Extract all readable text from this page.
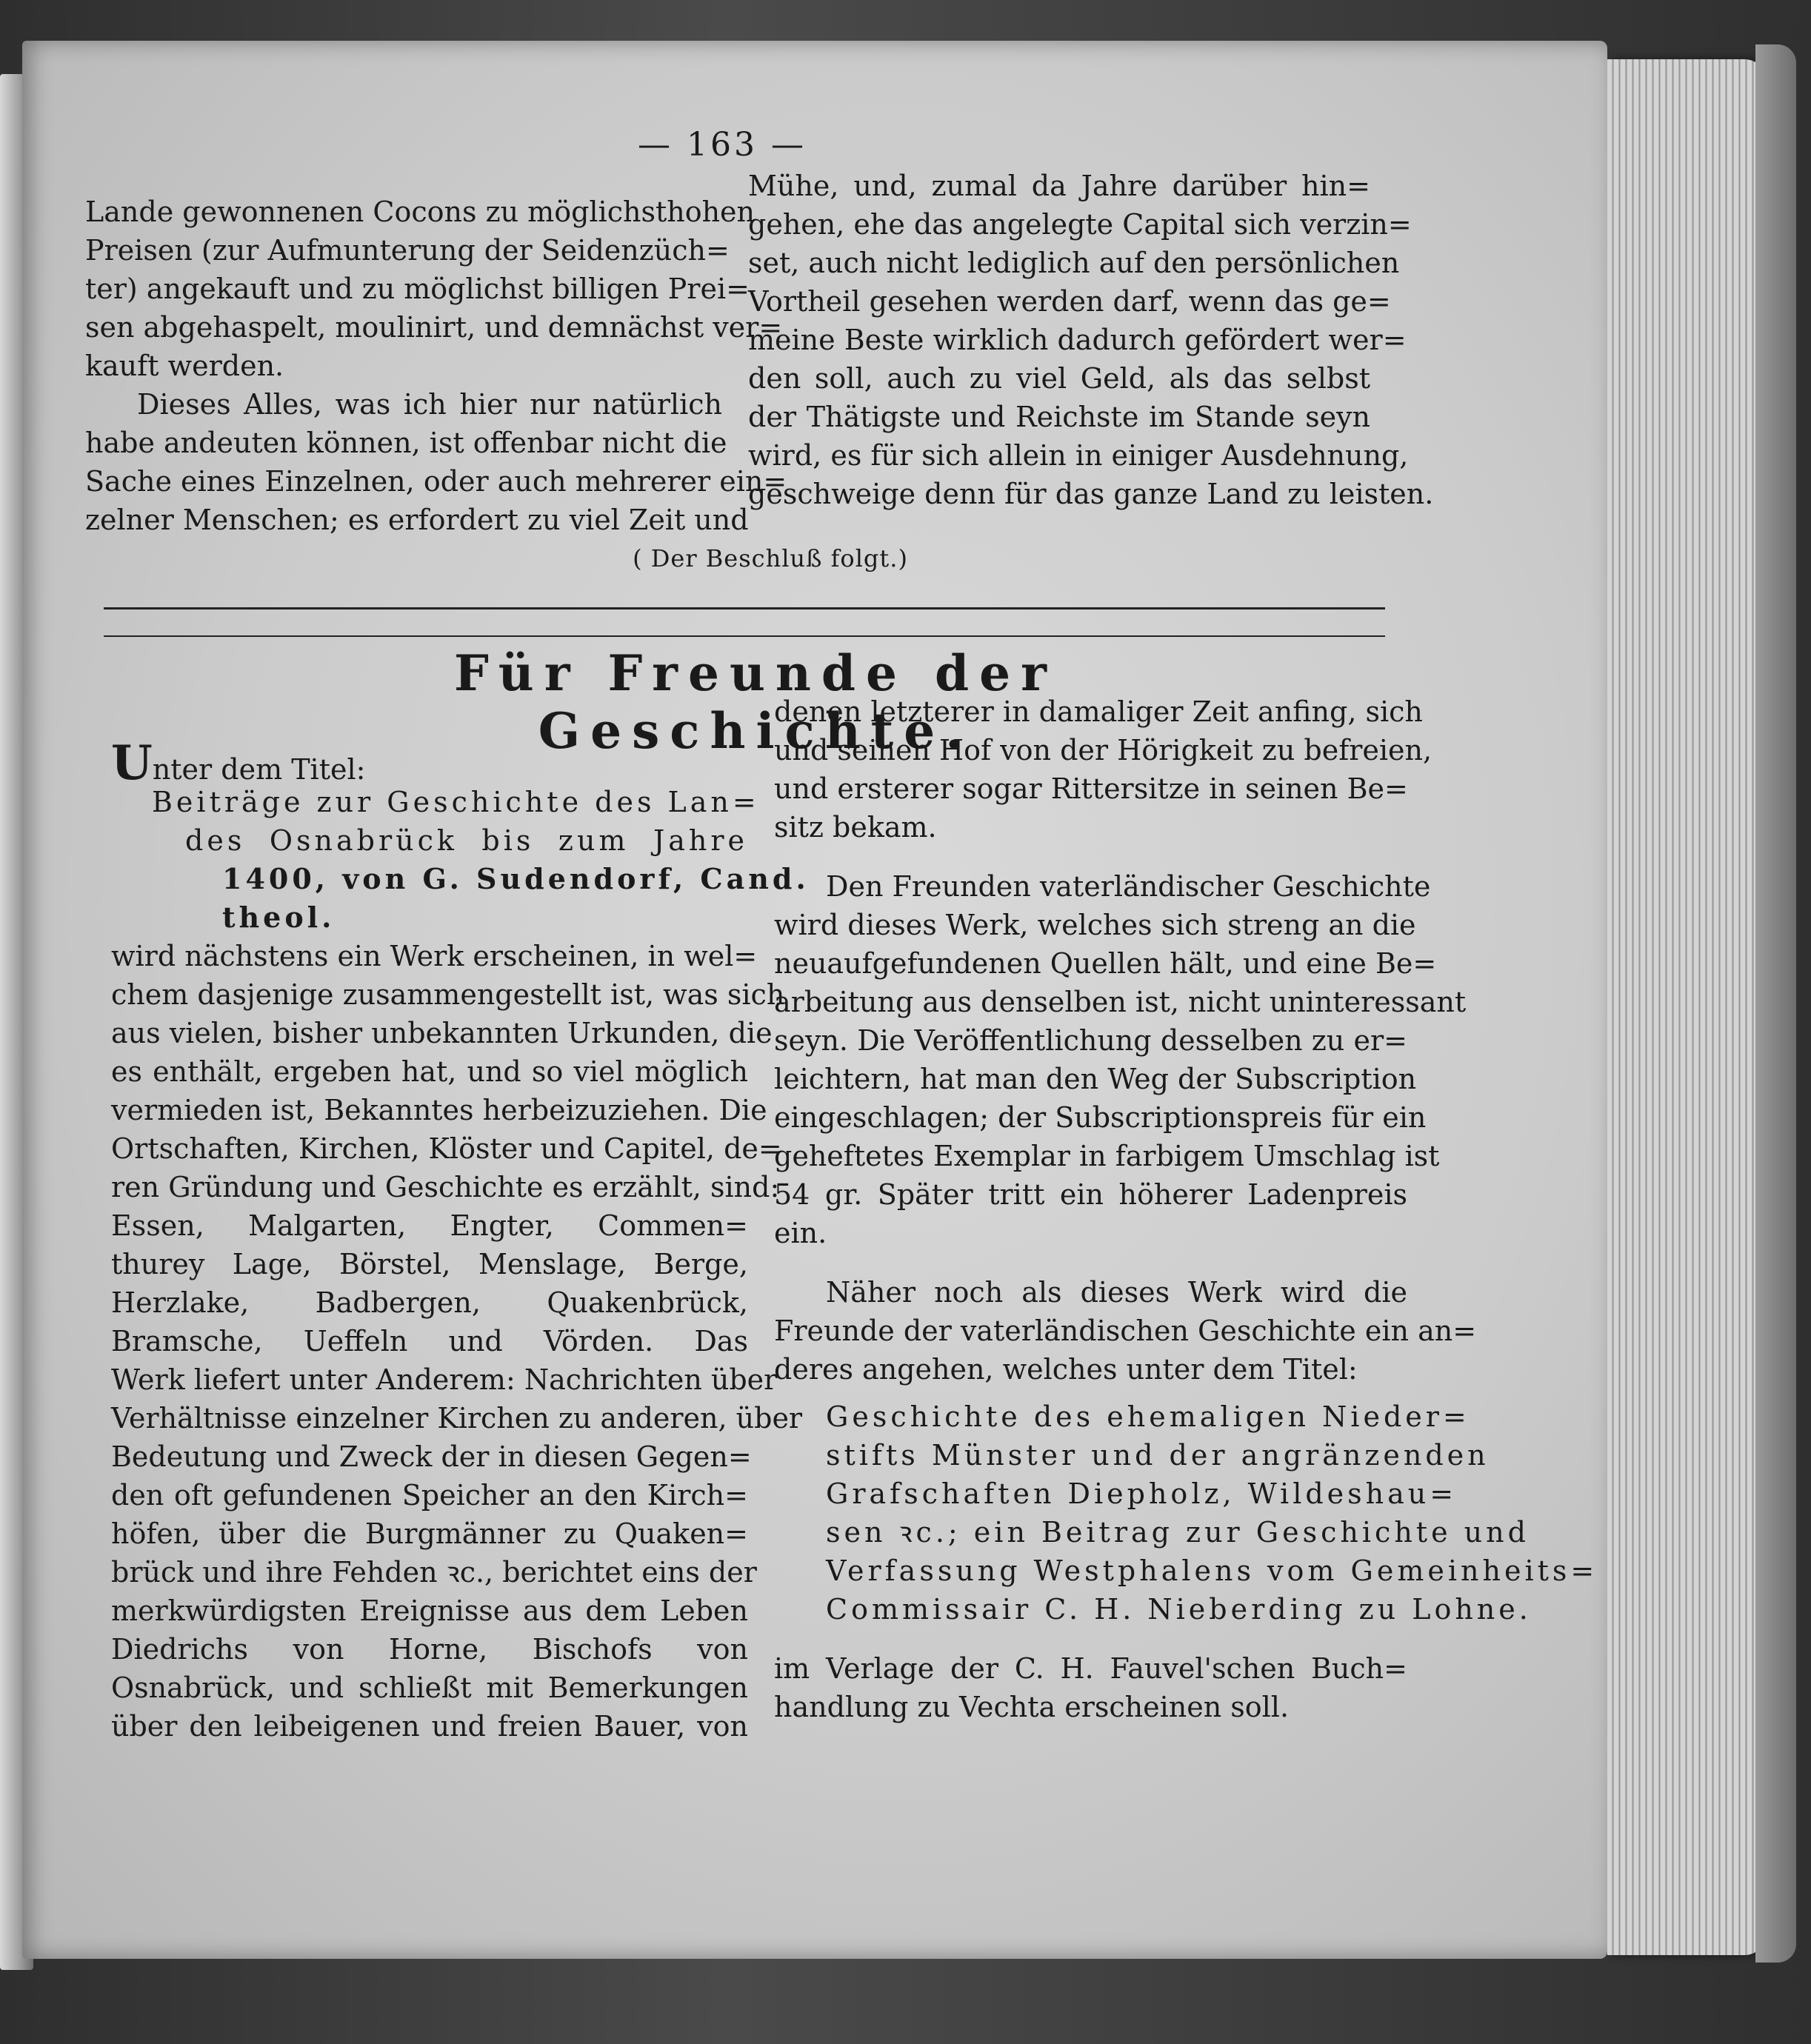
— 163 —
Lande gewonnenen Cocons zu möglichsthohen
Preisen (zur Aufmunterung der Seidenzüch=
ter) angekauft und zu möglichst billigen Prei=
sen abgehaspelt, moulinirt, und demnächst ver=
kauft werden.
Dieses Alles, was ich hier nur natürlich
habe andeuten können, ist offenbar nicht die
Sache eines Einzelnen, oder auch mehrerer ein=
zelner Menschen; es erfordert zu viel Zeit und
Mühe, und, zumal da Jahre darüber hin=
gehen, ehe das angelegte Capital sich verzin=
set, auch nicht lediglich auf den persönlichen
Vortheil gesehen werden darf, wenn das ge=
meine Beste wirklich dadurch gefördert wer=
den soll, auch zu viel Geld, als das selbst
der Thätigste und Reichste im Stande seyn
wird, es für sich allein in einiger Ausdehnung,
geschweige denn für das ganze Land zu leisten.
( Der Beschluß folgt.)
Für Freunde der Geschichte.
Unter dem Titel:
Beiträge zur Geschichte des Lan=
des Osnabrück bis zum Jahre
1400, von G. Sudendorf, Cand.
theol.
wird nächstens ein Werk erscheinen, in wel=
chem dasjenige zusammengestellt ist, was sich
aus vielen, bisher unbekannten Urkunden, die
es enthält, ergeben hat, und so viel möglich
vermieden ist, Bekanntes herbeizuziehen. Die
Ortschaften, Kirchen, Klöster und Capitel, de=
ren Gründung und Geschichte es erzählt, sind:
Essen, Malgarten, Engter, Commen=
thurey Lage, Börstel, Menslage, Berge,
Herzlake, Badbergen, Quakenbrück,
Bramsche, Ueffeln und Vörden. Das
Werk liefert unter Anderem: Nachrichten über
Verhältnisse einzelner Kirchen zu anderen, über
Bedeutung und Zweck der in diesen Gegen=
den oft gefundenen Speicher an den Kirch=
höfen, über die Burgmänner zu Quaken=
brück und ihre Fehden ꝛc., berichtet eins der
merkwürdigsten Ereignisse aus dem Leben
Diedrichs von Horne, Bischofs von
Osnabrück, und schließt mit Bemerkungen
über den leibeigenen und freien Bauer, von
denen letzterer in damaliger Zeit anfing, sich
und seinen Hof von der Hörigkeit zu befreien,
und ersterer sogar Rittersitze in seinen Be=
sitz bekam.
Den Freunden vaterländischer Geschichte
wird dieses Werk, welches sich streng an die
neuaufgefundenen Quellen hält, und eine Be=
arbeitung aus denselben ist, nicht uninteressant
seyn. Die Veröffentlichung desselben zu er=
leichtern, hat man den Weg der Subscription
eingeschlagen; der Subscriptionspreis für ein
geheftetes Exemplar in farbigem Umschlag ist
54 gr. Später tritt ein höherer Ladenpreis
ein.
Näher noch als dieses Werk wird die
Freunde der vaterländischen Geschichte ein an=
deres angehen, welches unter dem Titel:
Geschichte des ehemaligen Nieder=
stifts Münster und der angränzenden
Grafschaften Diepholz, Wildeshau=
sen ꝛc.; ein Beitrag zur Geschichte und
Verfassung Westphalens vom Gemeinheits=
Commissair C. H. Nieberding zu Lohne.
im Verlage der C. H. Fauvel'schen Buch=
handlung zu Vechta erscheinen soll.
